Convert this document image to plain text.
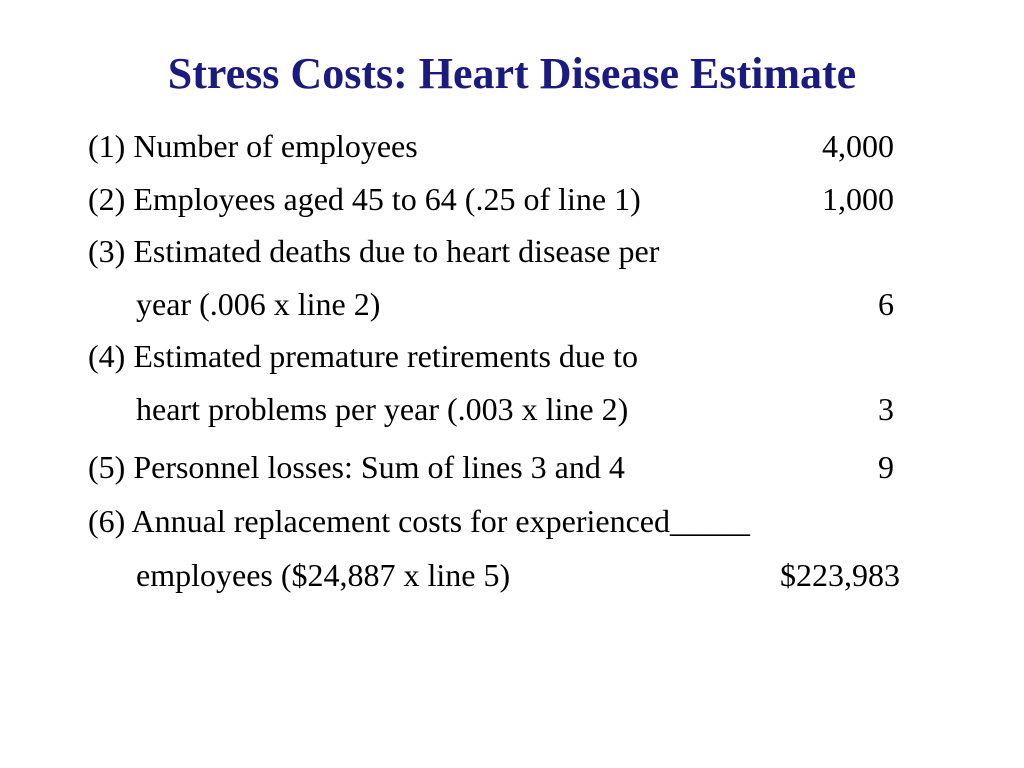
Stress Costs: Heart Disease Estimate
(1) Number of employees	4,000
(2) Employees aged 45 to 64 (.25 of line 1)	1,000
(3) Estimated deaths due to heart disease per
year (.006 x line 2)	6
(4) Estimated premature retirements due to
heart problems per year (.003 x line 2)	3
(5) Personnel losses: Sum of lines 3 and 4	9
(6) Annual replacement costs for experienced_____
employees ($24,887 x line 5)	$223,983
